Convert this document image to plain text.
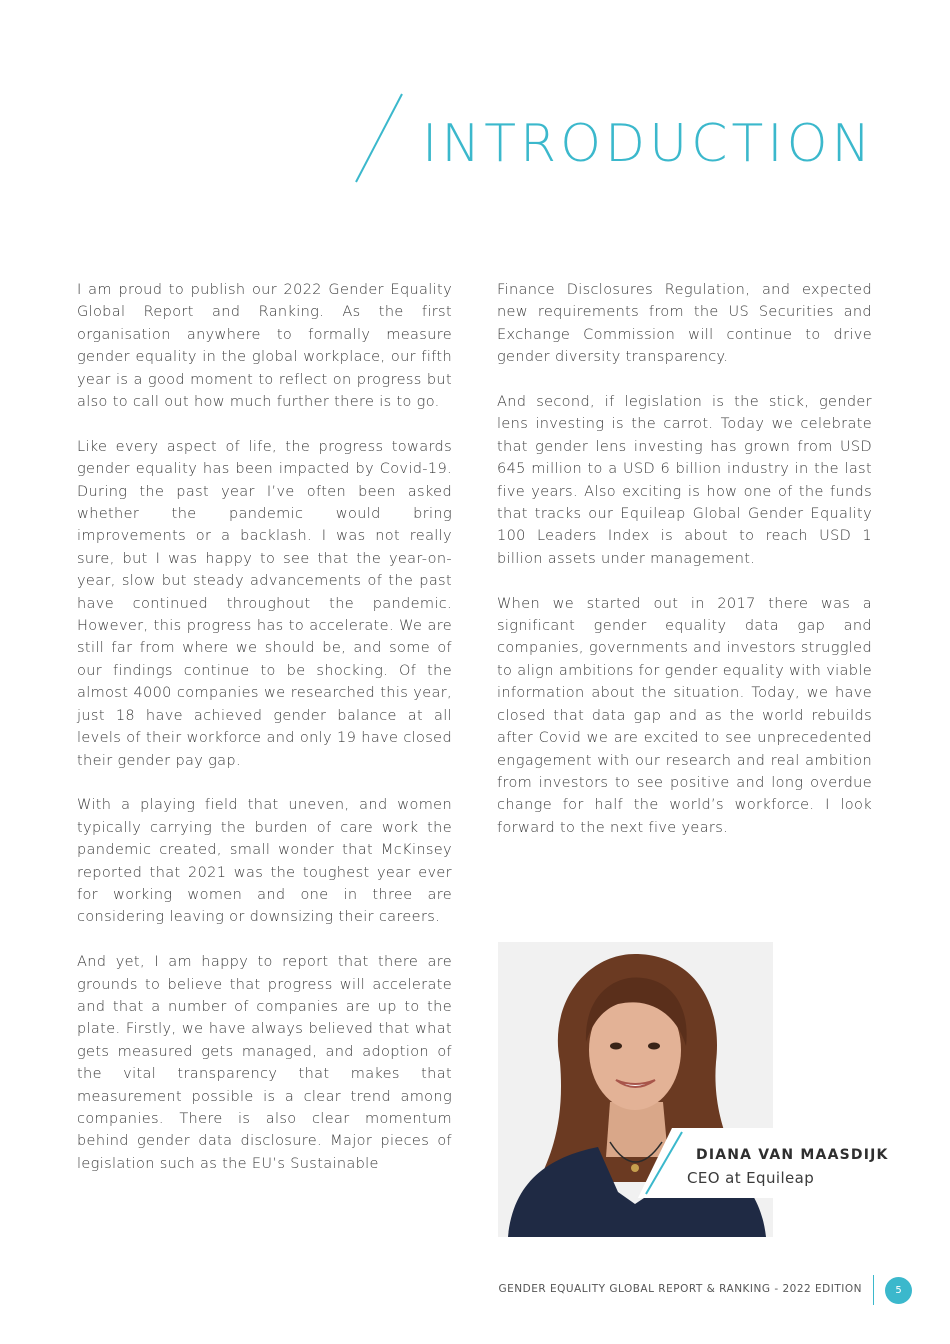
INTRODUCTION

I am proud to publish our 2022 Gender Equality Global Report and Ranking. As the first organisation anywhere to formally measure gender equality in the global workplace, our fifth year is a good moment to reflect on progress but also to call out how much further there is to go.

Like every aspect of life, the progress towards gender equality has been impacted by Covid-19. During the past year I’ve often been asked whether the pandemic would bring improvements or a backlash. I was not really sure, but I was happy to see that the year-on-year, slow but steady advancements of the past have continued throughout the pandemic. However, this progress has to accelerate. We are still far from where we should be, and some of our findings continue to be shocking. Of the almost 4000 companies we researched this year, just 18 have achieved gender balance at all levels of their workforce and only 19 have closed their gender pay gap.

With a playing field that uneven, and women typically carrying the burden of care work the pandemic created, small wonder that McKinsey reported that 2021 was the toughest year ever for working women and one in three are considering leaving or downsizing their careers.

And yet, I am happy to report that there are grounds to believe that progress will accelerate and that a number of companies are up to the plate. Firstly, we have always believed that what gets measured gets managed, and adoption of the vital transparency that makes that measurement possible is a clear trend among companies. There is also clear momentum behind gender data disclosure. Major pieces of legislation such as the EU’s Sustainable

Finance Disclosures Regulation, and expected new requirements from the US Securities and Exchange Commission will continue to drive gender diversity transparency.

And second, if legislation is the stick, gender lens investing is the carrot. Today we celebrate that gender lens investing has grown from USD 645 million to a USD 6 billion industry in the last five years. Also exciting is how one of the funds that tracks our Equileap Global Gender Equality 100 Leaders Index is about to reach USD 1 billion assets under management.

When we started out in 2017 there was a significant gender equality data gap and companies, governments and investors struggled to align ambitions for gender equality with viable information about the situation. Today, we have closed that data gap and as the world rebuilds after Covid we are excited to see unprecedented engagement with our research and real ambition from investors to see positive and long overdue change for half the world’s workforce. I look forward to the next five years.

DIANA VAN MAASDIJK
CEO at Equileap
GENDER EQUALITY GLOBAL REPORT & RANKING - 2022 EDITION	5
